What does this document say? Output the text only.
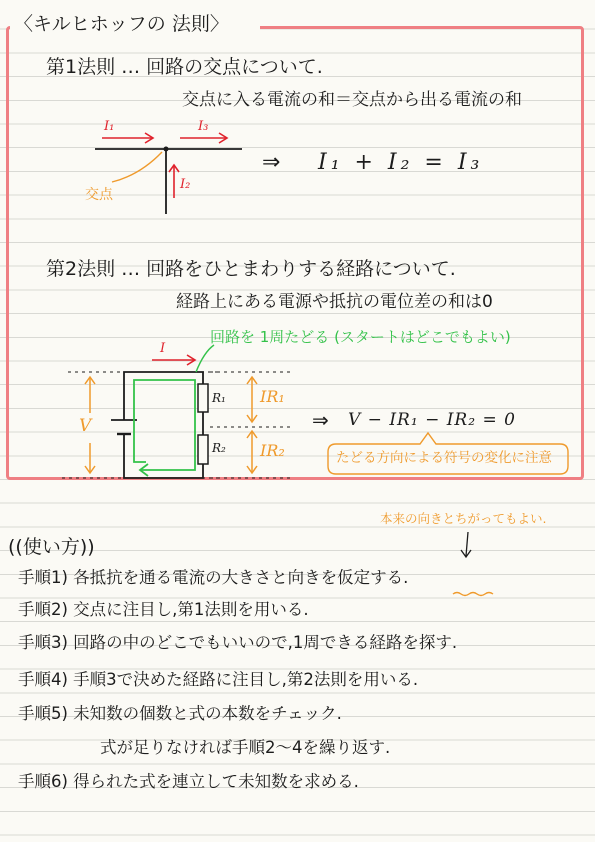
〈キルヒホッフの 法則〉
第1法則 … 回路の交点について.
交点に入る電流の和＝交点から出る電流の和
I₁	I₃
I₂
交点
⇒ I₁ + I₂ = I₃
第2法則 … 回路をひとまわりする経路について.
経路上にある電源や抵抗の電位差の和は0
回路を 1周たどる (スタートはどこでもよい)
I
V
R₁
R₂
IR₁
IR₂
⇒ V − IR₁ − IR₂ = 0
たどる方向による符号の変化に注意
本来の向きとちがってもよい.
((使い方))
手順1) 各抵抗を通る電流の大きさと向きを仮定する.
手順2) 交点に注目し,第1法則を用いる.
手順3) 回路の中のどこでもいいので,1周できる経路を探す.
手順4) 手順3で決めた経路に注目し,第2法則を用いる.
手順5) 未知数の個数と式の本数をチェック.
式が足りなければ手順2～4を繰り返す.
手順6) 得られた式を連立して未知数を求める.
